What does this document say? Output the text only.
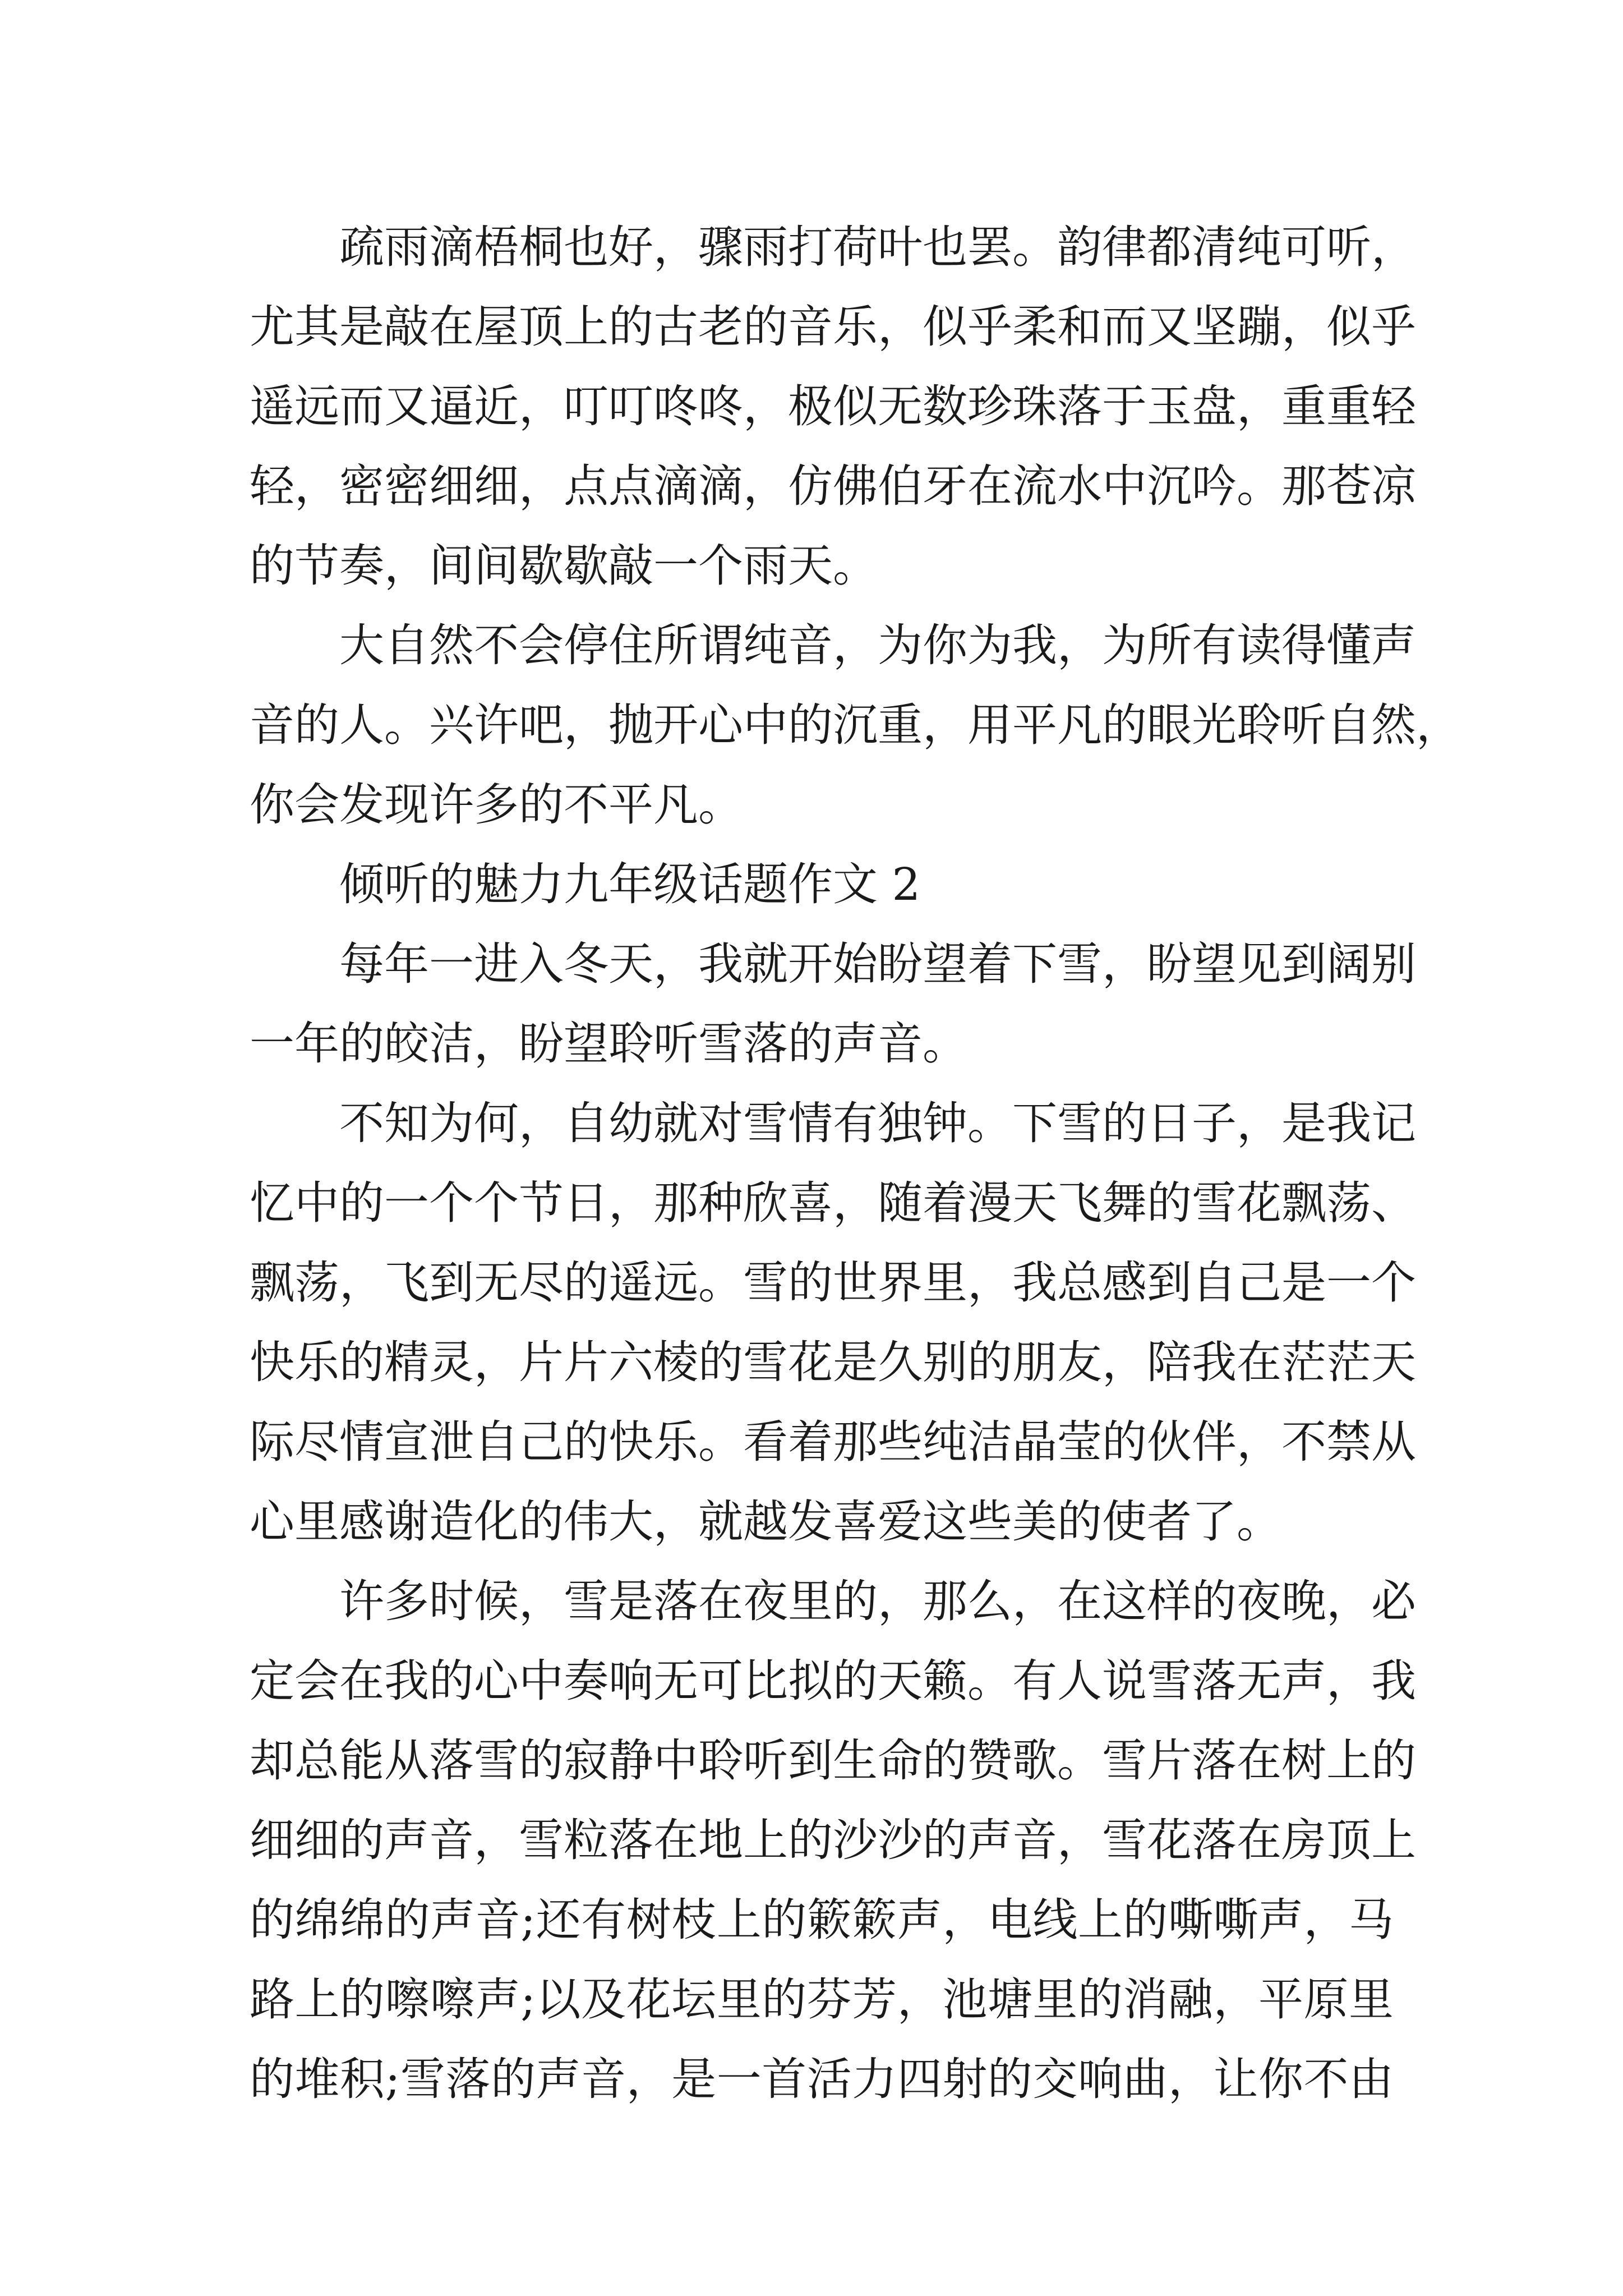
疏雨滴梧桐也好，骤雨打荷叶也罢。韵律都清纯可听，
尤其是敲在屋顶上的古老的音乐，似乎柔和而又坚蹦，似乎
遥远而又逼近，叮叮咚咚，极似无数珍珠落于玉盘，重重轻
轻，密密细细，点点滴滴，仿佛伯牙在流水中沉吟。那苍凉
的节奏，间间歇歇敲一个雨天。
大自然不会停住所谓纯音，为你为我，为所有读得懂声
音的人。兴许吧，抛开心中的沉重，用平凡的眼光聆听自然，
你会发现许多的不平凡。
倾听的魅力九年级话题作文 2
每年一进入冬天，我就开始盼望着下雪，盼望见到阔别
一年的皎洁，盼望聆听雪落的声音。
不知为何，自幼就对雪情有独钟。下雪的日子，是我记
忆中的一个个节日，那种欣喜，随着漫天飞舞的雪花飘荡、
飘荡，飞到无尽的遥远。雪的世界里，我总感到自己是一个
快乐的精灵，片片六棱的雪花是久别的朋友，陪我在茫茫天
际尽情宣泄自己的快乐。看着那些纯洁晶莹的伙伴，不禁从
心里感谢造化的伟大，就越发喜爱这些美的使者了。
许多时候，雪是落在夜里的，那么，在这样的夜晚，必
定会在我的心中奏响无可比拟的天籁。有人说雪落无声，我
却总能从落雪的寂静中聆听到生命的赞歌。雪片落在树上的
细细的声音，雪粒落在地上的沙沙的声音，雪花落在房顶上
的绵绵的声音;还有树枝上的簌簌声，电线上的嘶嘶声，马
路上的嚓嚓声;以及花坛里的芬芳，池塘里的消融，平原里
的堆积;雪落的声音，是一首活力四射的交响曲，让你不由
